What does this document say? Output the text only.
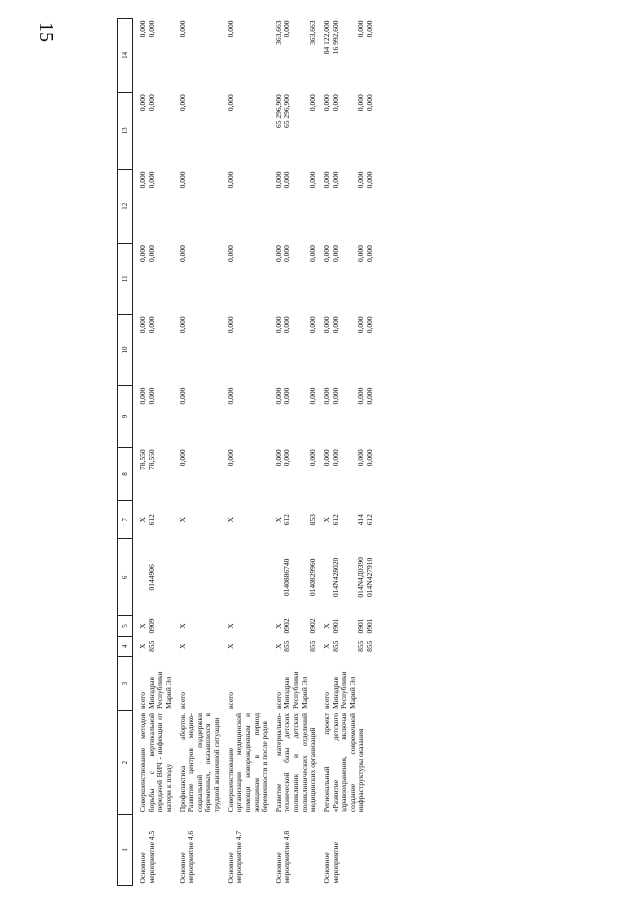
15
1	2	3	4	5	6	7	8	9	10	11	12	13	14
Основное мероприятие 4.5	Совершенствование методов борьбы с вертикальной передачей ВИЧ - инфекции от матери к плоду	всего	X	X		X	78,550	0,000	0,000	0,000	0,000	0,000	0,000
		Минздрав Республики Марий Эл	855	0909	0144906	612	78,550	0,000	0,000	0,000	0,000	0,000	0,000
Основное мероприятие 4.6	Профилактика абортов. Развитие центров медико-социальной поддержки беременных, оказавшихся в трудной жизненной ситуации	всего	X	X		X	0,000	0,000	0,000	0,000	0,000	0,000	0,000
Основное мероприятие 4.7	Совершенствование организации медицинской помощи новорожденным и женщинам в период беременности и после родов	всего	X	X		X	0,000	0,000	0,000	0,000	0,000	0,000	0,000
Основное мероприятие 4.8	Развитие материально-технической базы детских поликлиник и детских поликлинических отделений медицинских организаций	всего	X	X		X	0,000	0,000	0,000	0,000	0,000	65 296,900	363,663
		Минздрав Республики Марий Эл	855	0902	0140886740	612	0,000	0,000	0,000	0,000	0,000	65 296,900	0,000
			855	0902	0140829960	853	0,000	0,000	0,000	0,000	0,000	0,000	363,663
Основное мероприятие	Региональный проект «Развитие детского здравоохранения, включая создание современной инфраструктуры оказания	всего	X	X		X	0,000	0,000	0,000	0,000	0,000	0,000	84 122,000
		Минздрав Республики Марий Эл	855	0901	014N428020	612	0,000	0,000	0,000	0,000	0,000	0,000	16 992,600
			855	0901	014N4Д0390	414	0,000	0,000	0,000	0,000	0,000	0,000	0,000
			855	0901	014N427910	612	0,000	0,000	0,000	0,000	0,000	0,000	0,000
